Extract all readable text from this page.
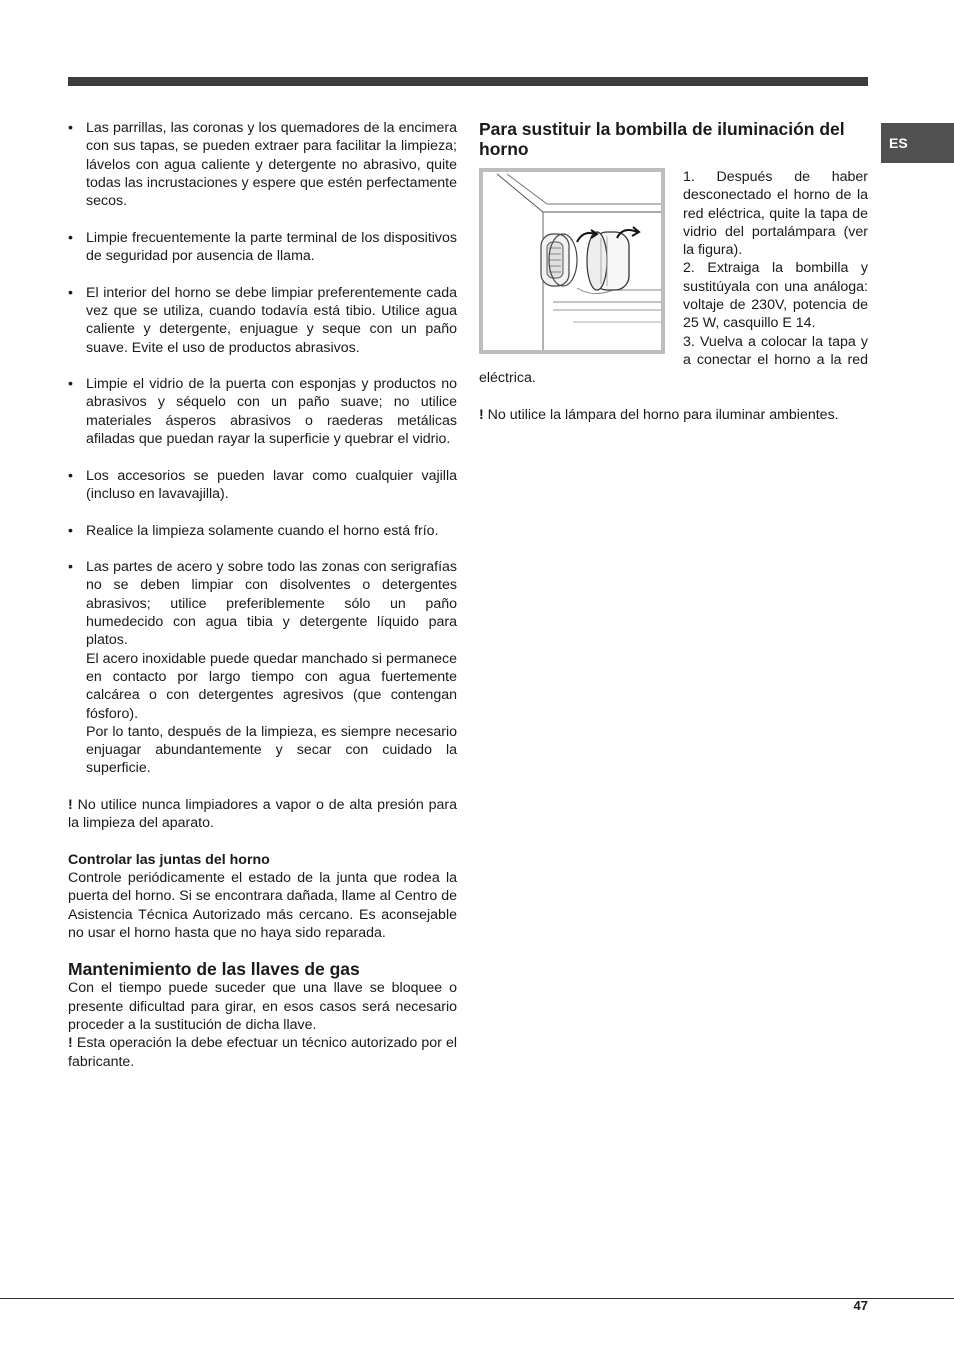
ES

• Las parrillas, las coronas y los quemadores de la encimera con sus tapas, se pueden extraer para facilitar la limpieza; lávelos con agua caliente y detergente no abrasivo, quite todas las incrustaciones y espere que estén perfectamente secos.

• Limpie frecuentemente la parte terminal de los dispositivos de seguridad por ausencia de llama.

• El interior del horno se debe limpiar preferentemente cada vez que se utiliza, cuando todavía está tibio. Utilice agua caliente y detergente, enjuague y seque con un paño suave. Evite el uso de productos abrasivos.

• Limpie el vidrio de la puerta con esponjas y productos no abrasivos y séquelo con un paño suave; no utilice materiales ásperos abrasivos o raederas metálicas afiladas que puedan rayar la superficie y quebrar el vidrio.

• Los accesorios se pueden lavar como cualquier vajilla (incluso en lavavajilla).

• Realice la limpieza solamente cuando el horno está frío.

• Las partes de acero y sobre todo las zonas con serigrafías no se deben limpiar con disolventes o detergentes abrasivos; utilice preferiblemente sólo un paño humedecido con agua tibia y detergente líquido para platos.

El acero inoxidable puede quedar manchado si permanece en contacto por largo tiempo con agua fuertemente calcárea o con detergentes agresivos (que contengan fósforo).

Por lo tanto, después de la limpieza, es siempre necesario enjuagar abundantemente y secar con cuidado la superficie.

! No utilice nunca limpiadores a vapor o de alta presión para la limpieza del aparato.

Controlar las juntas del horno

Controle periódicamente el estado de la junta que rodea la puerta del horno. Si se encontrara dañada, llame al Centro de Asistencia Técnica Autorizado más cercano. Es aconsejable no usar el horno hasta que no haya sido reparada.

Mantenimiento de las llaves de gas

Con el tiempo puede suceder que una llave se bloquee o presente dificultad para girar, en esos casos será necesario proceder a la sustitución de dicha llave.

! Esta operación la debe efectuar un técnico autorizado por el fabricante.

Para sustituir la bombilla de iluminación del horno

1. Después de haber desconectado el horno de la red eléctrica, quite la tapa de vidrio del portalámpara (ver la figura).

2. Extraiga la bombilla y sustitúyala con una análoga: voltaje de 230V, potencia de 25 W, casquillo E 14.

3. Vuelva a colocar la tapa y a conectar el horno a la red eléctrica.

! No utilice la lámpara del horno para iluminar ambientes.

47
